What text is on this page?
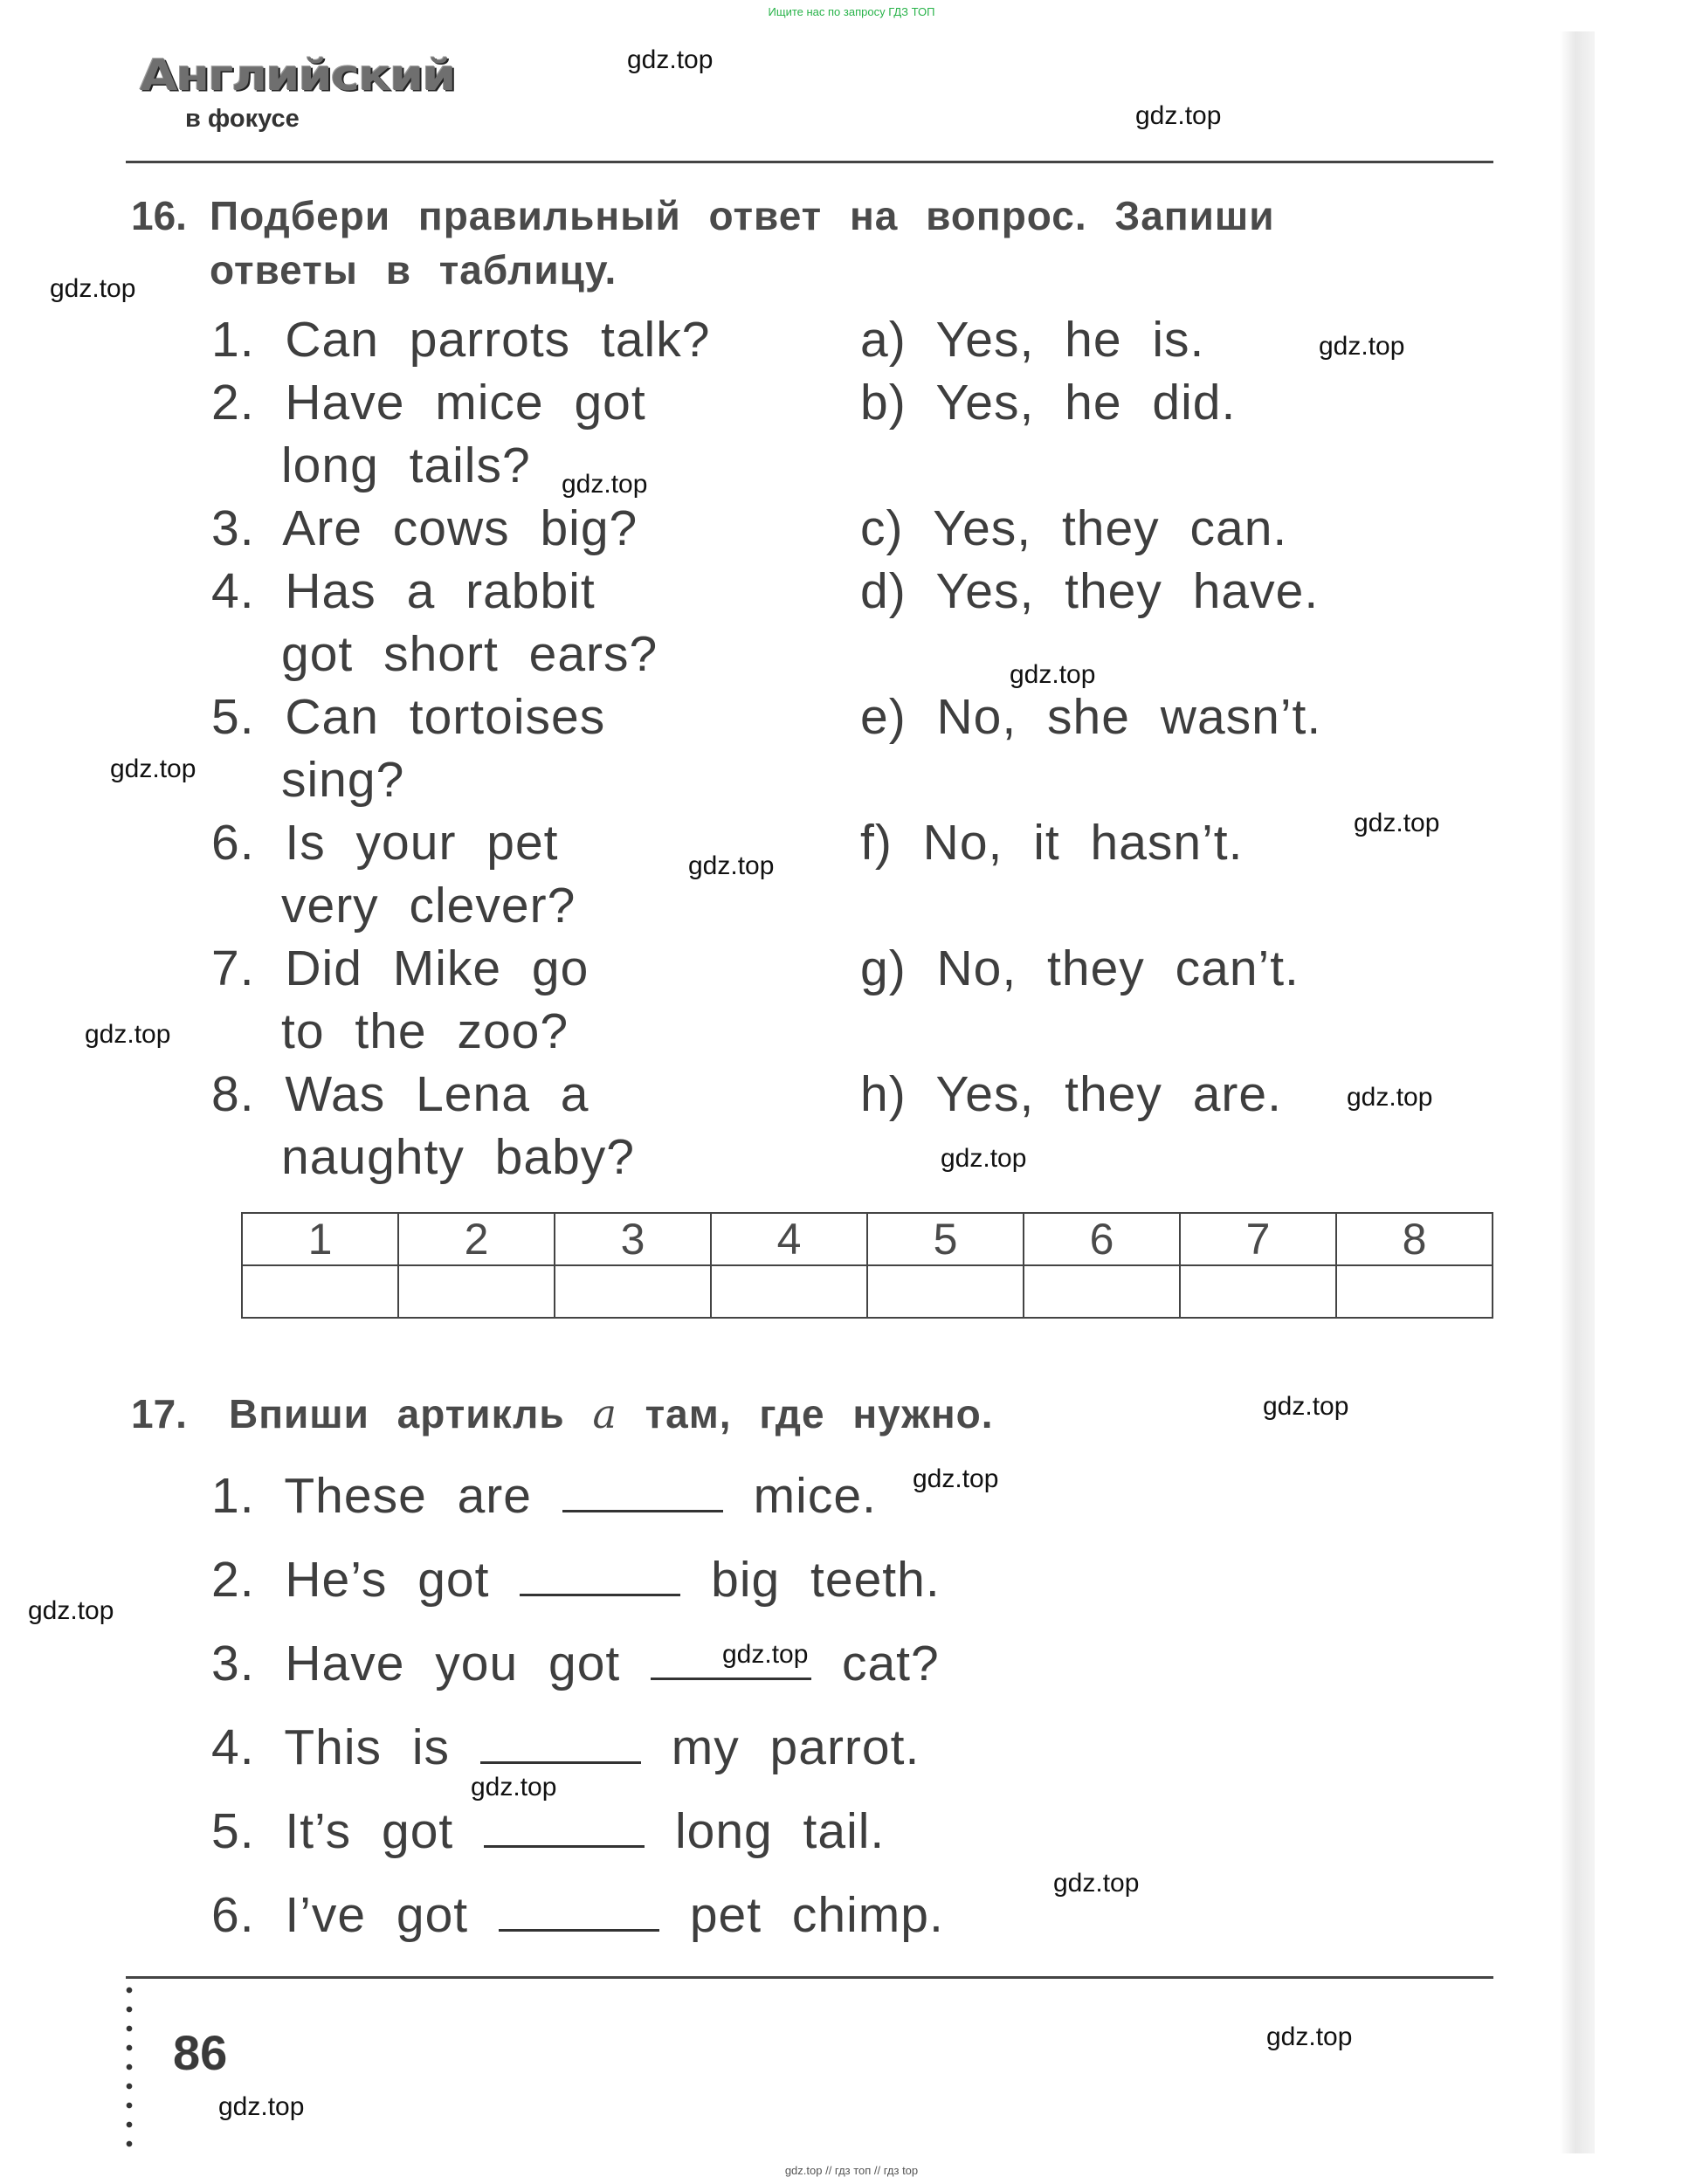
Ищите нас по запросу ГДЗ ТОП
Английский
в фокусе
16. Подбери правильный ответ на вопрос. Запиши
ответы в таблицу.
1. Can parrots talk?
2. Have mice got
long tails?
3. Are cows big?
4. Has a rabbit
got short ears?
5. Can tortoises
sing?
6. Is your pet
very clever?
7. Did Mike go
to the zoo?
8. Was Lena a
naughty baby?
a) Yes, he is.
b) Yes, he did.
c) Yes, they can.
d) Yes, they have.
e) No, she wasn’t.
f) No, it hasn’t.
g) No, they can’t.
h) Yes, they are.
1	2	3	4	5	6	7	8

17. Впиши артикль a там, где нужно.
1. These are	mice.
2. He’s got	big teeth.
3. Have you got	cat?
4. This is	my parrot.
5. It’s got	long tail.
6. I’ve got	pet chimp.
86
gdz.top
gdz.top
gdz.top
gdz.top
gdz.top
gdz.top
gdz.top
gdz.top
gdz.top
gdz.top
gdz.top
gdz.top
gdz.top
gdz.top
gdz.top
gdz.top
gdz.top
gdz.top
gdz.top
gdz.top
gdz.top // гдз топ // гдз top
